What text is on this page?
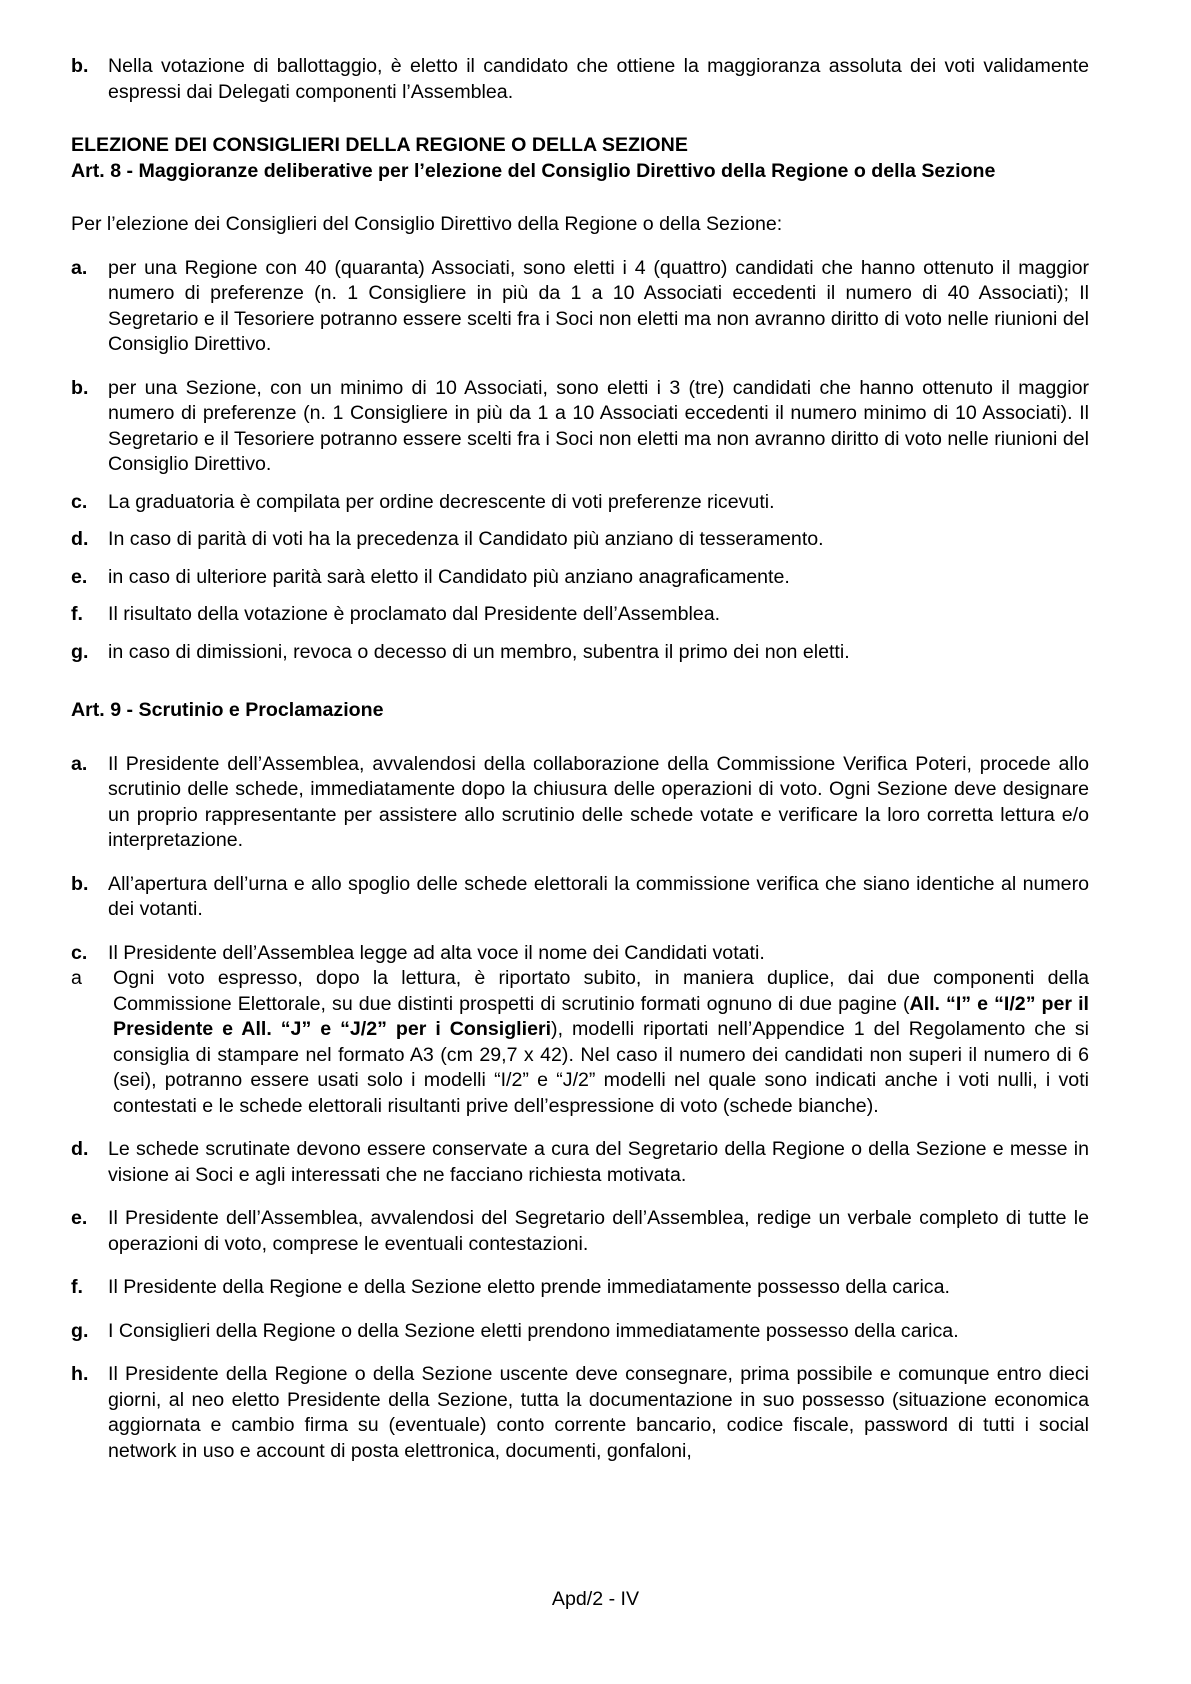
b. Nella votazione di ballottaggio, è eletto il candidato che ottiene la maggioranza assoluta dei voti validamente espressi dai Delegati componenti l’Assemblea.
ELEZIONE DEI CONSIGLIERI DELLA REGIONE O DELLA SEZIONE
Art. 8 - Maggioranze deliberative per l’elezione del Consiglio Direttivo della Regione o della Sezione
Per l’elezione dei Consiglieri del Consiglio Direttivo della Regione o della Sezione:
a. per una Regione con 40 (quaranta) Associati, sono eletti i 4 (quattro) candidati che hanno ottenuto il maggior numero di preferenze (n. 1 Consigliere in più da 1 a 10 Associati eccedenti il numero di 40 Associati); Il Segretario e il Tesoriere potranno essere scelti fra i Soci non eletti ma non avranno diritto di voto nelle riunioni del Consiglio Direttivo.
b. per una Sezione, con un minimo di 10 Associati, sono eletti i 3 (tre) candidati che hanno ottenuto il maggior numero di preferenze (n. 1 Consigliere in più da 1 a 10 Associati eccedenti il numero minimo di 10 Associati). Il Segretario e il Tesoriere potranno essere scelti fra i Soci non eletti ma non avranno diritto di voto nelle riunioni del Consiglio Direttivo.
c. La graduatoria è compilata per ordine decrescente di voti preferenze ricevuti.
d. In caso di parità di voti ha la precedenza il Candidato più anziano di tesseramento.
e. in caso di ulteriore parità sarà eletto il Candidato più anziano anagraficamente.
f. Il risultato della votazione è proclamato dal Presidente dell’Assemblea.
g. in caso di dimissioni, revoca o decesso di un membro, subentra il primo dei non eletti.
Art. 9 - Scrutinio e Proclamazione
a. Il Presidente dell’Assemblea, avvalendosi della collaborazione della Commissione Verifica Poteri, procede allo scrutinio delle schede, immediatamente dopo la chiusura delle operazioni di voto. Ogni Sezione deve designare un proprio rappresentante per assistere allo scrutinio delle schede votate e verificare la loro corretta lettura e/o interpretazione.
b. All’apertura dell’urna e allo spoglio delle schede elettorali la commissione verifica che siano identiche al numero dei votanti.
c. Il Presidente dell’Assemblea legge ad alta voce il nome dei Candidati votati.
a Ogni voto espresso, dopo la lettura, è riportato subito, in maniera duplice, dai due componenti della Commissione Elettorale, su due distinti prospetti di scrutinio formati ognuno di due pagine (All. “I” e “I/2” per il Presidente e All. “J” e “J/2” per i Consiglieri), modelli riportati nell’Appendice 1 del Regolamento che si consiglia di stampare nel formato A3 (cm 29,7 x 42). Nel caso il numero dei candidati non superi il numero di 6 (sei), potranno essere usati solo i modelli “I/2” e “J/2” modelli nel quale sono indicati anche i voti nulli, i voti contestati e le schede elettorali risultanti prive dell’espressione di voto (schede bianche).
d. Le schede scrutinate devono essere conservate a cura del Segretario della Regione o della Sezione e messe in visione ai Soci e agli interessati che ne facciano richiesta motivata.
e. Il Presidente dell’Assemblea, avvalendosi del Segretario dell’Assemblea, redige un verbale completo di tutte le operazioni di voto, comprese le eventuali contestazioni.
f. Il Presidente della Regione e della Sezione eletto prende immediatamente possesso della carica.
g. I Consiglieri della Regione o della Sezione eletti prendono immediatamente possesso della carica.
h. Il Presidente della Regione o della Sezione uscente deve consegnare, prima possibile e comunque entro dieci giorni, al neo eletto Presidente della Sezione, tutta la documentazione in suo possesso (situazione economica aggiornata e cambio firma su (eventuale) conto corrente bancario, codice fiscale, password di tutti i social network in uso e account di posta elettronica, documenti, gonfaloni,
Apd/2 - IV
